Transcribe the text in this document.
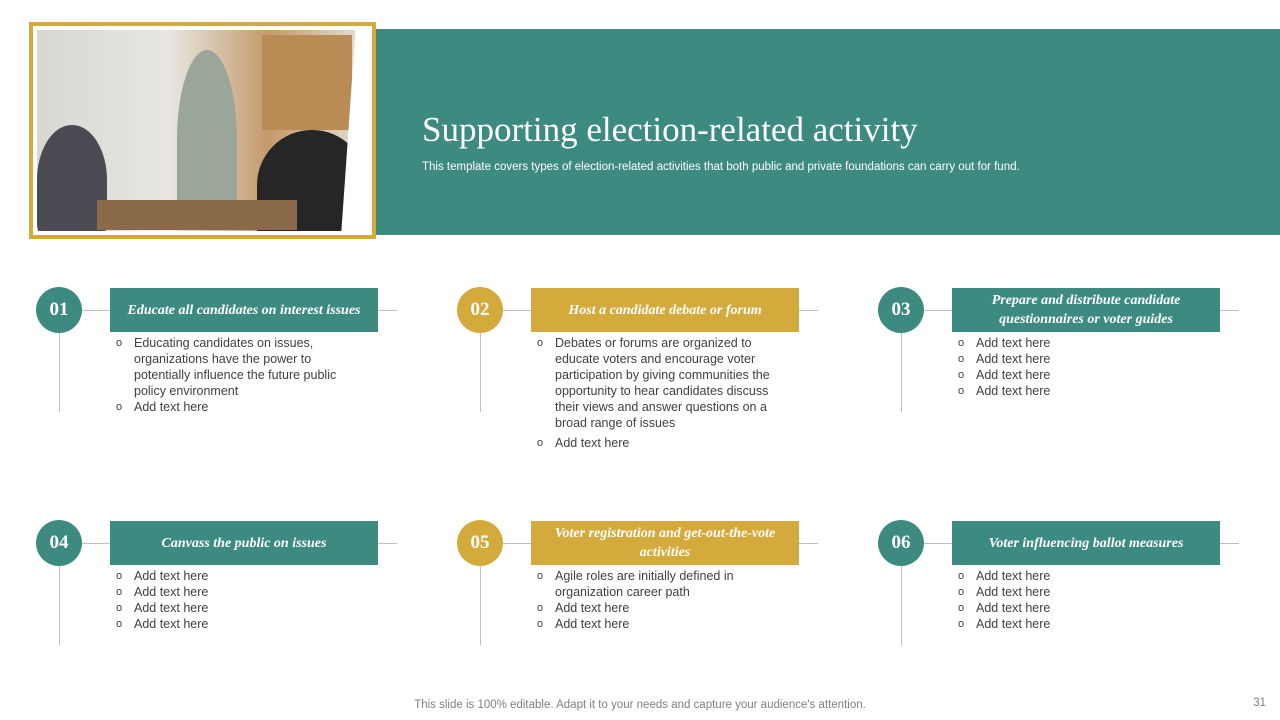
Supporting election-related activity

This template covers types of election-related activities that both public and private foundations can carry out for fund.

01	Educate all candidates on interest issues
o Educating candidates on issues, organizations have the power to potentially influence the future public policy environment
o Add text here
02	Host a candidate debate or forum
o Debates or forums are organized to educate voters and encourage voter participation by giving communities the opportunity to hear candidates discuss their views and answer questions on a broad range of issues
o Add text here
03	Prepare and distribute candidate questionnaires or voter guides
o Add text here
o Add text here
o Add text here
o Add text here
04	Canvass the public on issues
o Add text here
o Add text here
o Add text here
o Add text here
05	Voter registration and get-out-the-vote activities
o Agile roles are initially defined in organization career path
o Add text here
o Add text here
06	Voter influencing ballot measures
o Add text here
o Add text here
o Add text here
o Add text here
This slide is 100% editable. Adapt it to your needs and capture your audience's attention.	31
